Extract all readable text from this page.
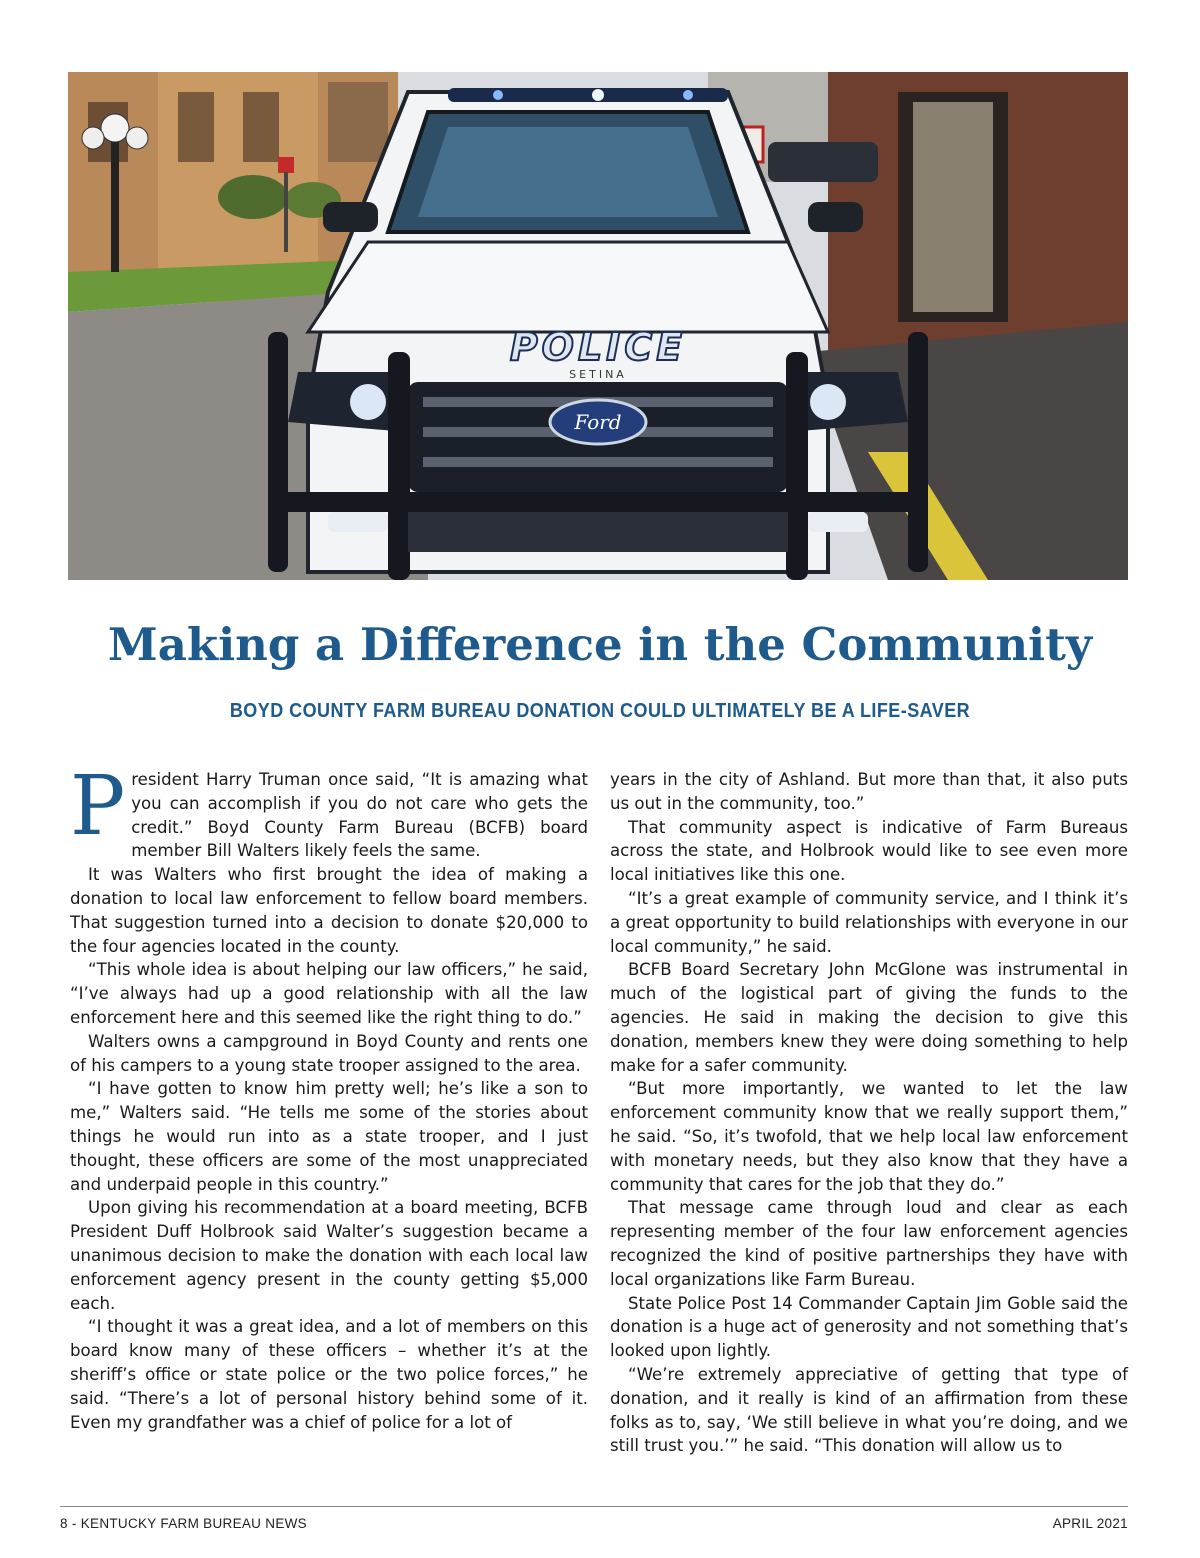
POLICE
SETINA
Ford
Making a Difference in the Community
BOYD COUNTY FARM BUREAU DONATION COULD ULTIMATELY BE A LIFE-SAVER

President Harry Truman once said, “It is amazing what you can accomplish if you do not care who gets the credit.” Boyd County Farm Bureau (BCFB) board member Bill Walters likely feels the same.

It was Walters who first brought the idea of making a donation to local law enforcement to fellow board members. That suggestion turned into a decision to donate $20,000 to the four agencies located in the county.

“This whole idea is about helping our law officers,” he said, “I’ve always had up a good relationship with all the law enforcement here and this seemed like the right thing to do.”

Walters owns a campground in Boyd County and rents one of his campers to a young state trooper assigned to the area.

“I have gotten to know him pretty well; he’s like a son to me,” Walters said. “He tells me some of the stories about things he would run into as a state trooper, and I just thought, these officers are some of the most unappreciated and underpaid people in this country.”

Upon giving his recommendation at a board meeting, BCFB President Duff Holbrook said Walter’s suggestion became a unanimous decision to make the donation with each local law enforcement agency present in the county getting $5,000 each.

“I thought it was a great idea, and a lot of members on this board know many of these officers – whether it’s at the sheriff’s office or state police or the two police forces,” he said. “There’s a lot of personal history behind some of it. Even my grandfather was a chief of police for a lot of

years in the city of Ashland. But more than that, it also puts us out in the community, too.”

That community aspect is indicative of Farm Bureaus across the state, and Holbrook would like to see even more local initiatives like this one.

“It’s a great example of community service, and I think it’s a great opportunity to build relationships with everyone in our local community,” he said.

BCFB Board Secretary John McGlone was instrumental in much of the logistical part of giving the funds to the agencies. He said in making the decision to give this donation, members knew they were doing something to help make for a safer community.

“But more importantly, we wanted to let the law enforcement community know that we really support them,” he said. “So, it’s twofold, that we help local law enforcement with monetary needs, but they also know that they have a community that cares for the job that they do.”

That message came through loud and clear as each representing member of the four law enforcement agencies recognized the kind of positive partnerships they have with local organizations like Farm Bureau.

State Police Post 14 Commander Captain Jim Goble said the donation is a huge act of generosity and not something that’s looked upon lightly.

“We’re extremely appreciative of getting that type of donation, and it really is kind of an affirmation from these folks as to, say, ‘We still believe in what you’re doing, and we still trust you.’” he said. “This donation will allow us to

8 - KENTUCKY FARM BUREAU NEWS	APRIL 2021
